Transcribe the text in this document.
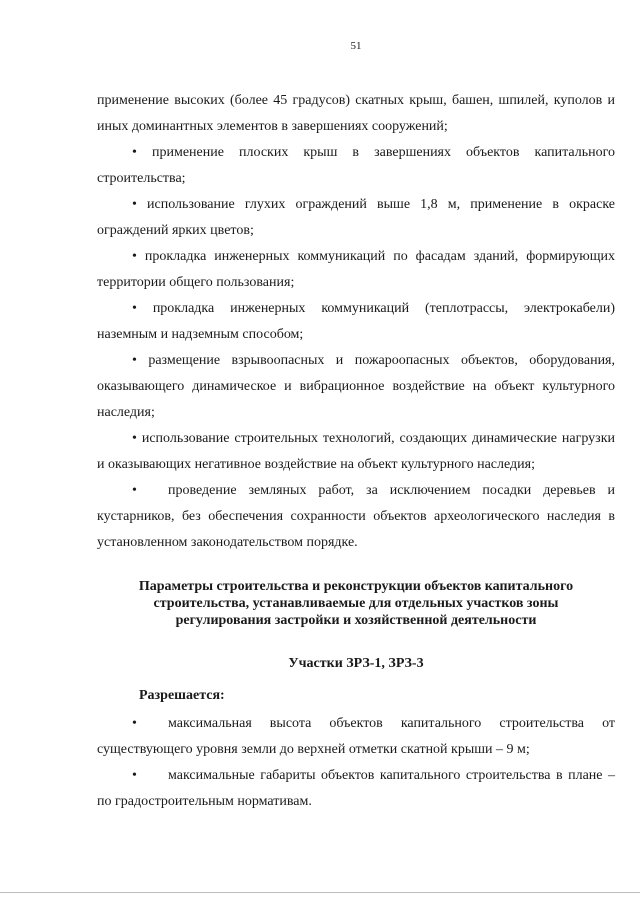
51

применение высоких (более 45 градусов) скатных крыш, башен, шпилей, куполов и иных доминантных элементов в завершениях сооружений;

• применение плоских крыш в завершениях объектов капитального строительства;

• использование глухих ограждений выше 1,8 м, применение в окраске ограждений ярких цветов;

• прокладка инженерных коммуникаций по фасадам зданий, формирующих территории общего пользования;

• прокладка инженерных коммуникаций (теплотрассы, электрокабели) наземным и надземным способом;

• размещение взрывоопасных и пожароопасных объектов, оборудования, оказывающего динамическое и вибрационное воздействие на объект культурного наследия;

• использование строительных технологий, создающих динамические нагрузки и оказывающих негативное воздействие на объект культурного наследия;

• проведение земляных работ, за исключением посадки деревьев и кустарников, без обеспечения сохранности объектов археологического наследия в установленном законодательством порядке.

Параметры строительства и реконструкции объектов капитального строительства, устанавливаемые для отдельных участков зоны регулирования застройки и хозяйственной деятельности

Участки ЗРЗ-1, ЗРЗ-3

Разрешается:

• максимальная высота объектов капитального строительства от существующего уровня земли до верхней отметки скатной крыши – 9 м;

• максимальные габариты объектов капитального строительства в плане – по градостроительным нормативам.
